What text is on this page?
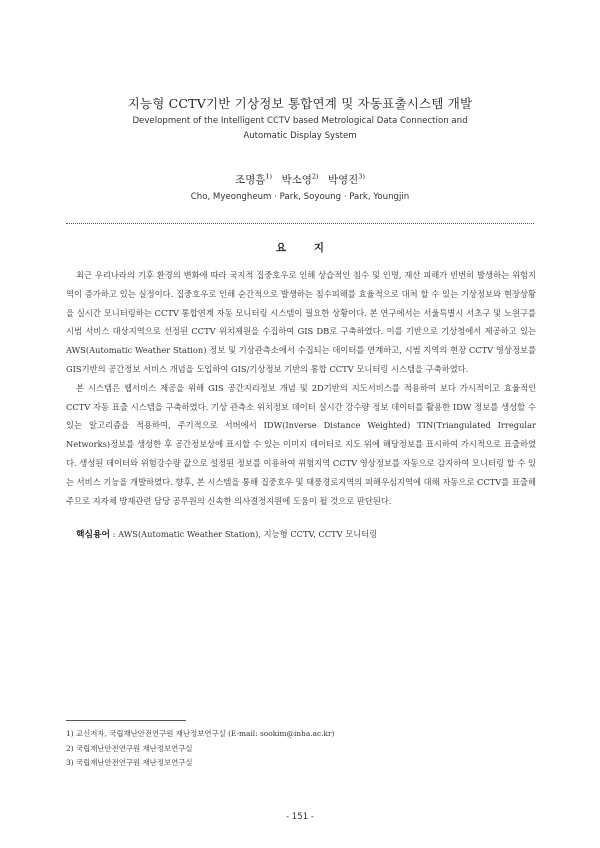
지능형 CCTV기반 기상정보 통합연계 및 자동표출시스템 개발
Development of the Intelligent CCTV based Metrological Data Connection and
Automatic Display System
조명흠$^{1)}$ 박소영$^{2)}$ 박영진$^{3)}$
Cho, Myeongheum · Park, Soyoung · Park, Youngjin
요 지

최근 우리나라의 기후 환경의 변화에 따라 국지적 집중호우로 인해 상습적인 침수 및 인명, 재산 피해가 빈번히 발생하는 위험지역이 증가하고 있는 실정이다. 집중호우로 인해 순간적으로 발생하는 침수피해를 효율적으로 대처 할 수 있는 기상정보와 현장상황을 실시간 모니터링하는 CCTV 통합연계 자동 모니터링 시스템이 필요한 상황이다. 본 연구에서는 서울특별시 서초구 및 노원구를 시범 서비스 대상지역으로 선정된 CCTV 위치제원을 수집하여 GIS DB로 구축하였다. 이를 기반으로 기상청에서 제공하고 있는 AWS(Automatic Weather Station) 정보 및 기상관측소에서 수집되는 데이터를 연계하고, 시범 지역의 현장 CCTV 영상정보를 GIS기반의 공간정보 서비스 개념을 도입하여 GIS/기상정보 기반의 통합 CCTV 모니터링 시스템을 구축하였다.

본 시스템은 웹서비스 제공을 위해 GIS 공간지리정보 개념 및 2D기반의 지도서비스를 적용하여 보다 가시적이고 효율적인 CCTV 자동 표출 시스템을 구축하였다. 기상 관측소 위치정보 데이터 실시간 강수량 정보 데이터를 활용한 IDW 정보를 생성할 수 있는 알고리즘을 적용하여, 주기적으로 서버에서 IDW(Inverse Distance Weighted) TIN(Triangulated Irregular Networks)정보를 생성한 후 공간정보상에 표시할 수 있는 이미지 데이터로 지도 위에 해당정보를 표시하여 가시적으로 표출하였다. 생성된 데이터와 위험강수량 값으로 설정된 정보를 이용하여 위험지역 CCTV 영상정보를 자동으로 감지하여 모니터링 할 수 있는 서비스 기능을 개발하였다. 향후, 본 시스템을 통해 집중호우 및 태풍경로지역의 피해우심지역에 대해 자동으로 CCTV를 표출해주므로 지자체 방재관련 담당 공무원의 신속한 의사결정지원에 도움이 될 것으로 판단된다.

핵심용어 : AWS(Automatic Weather Station), 지능형 CCTV, CCTV 모니터링
1) 교신저자, 국립재난안전연구원 재난정보연구실 (E-mail: sookim@inha.ac.kr)
2) 국립재난안전연구원 재난정보연구실
3) 국립재난안전연구원 재난정보연구실
- 151 -
